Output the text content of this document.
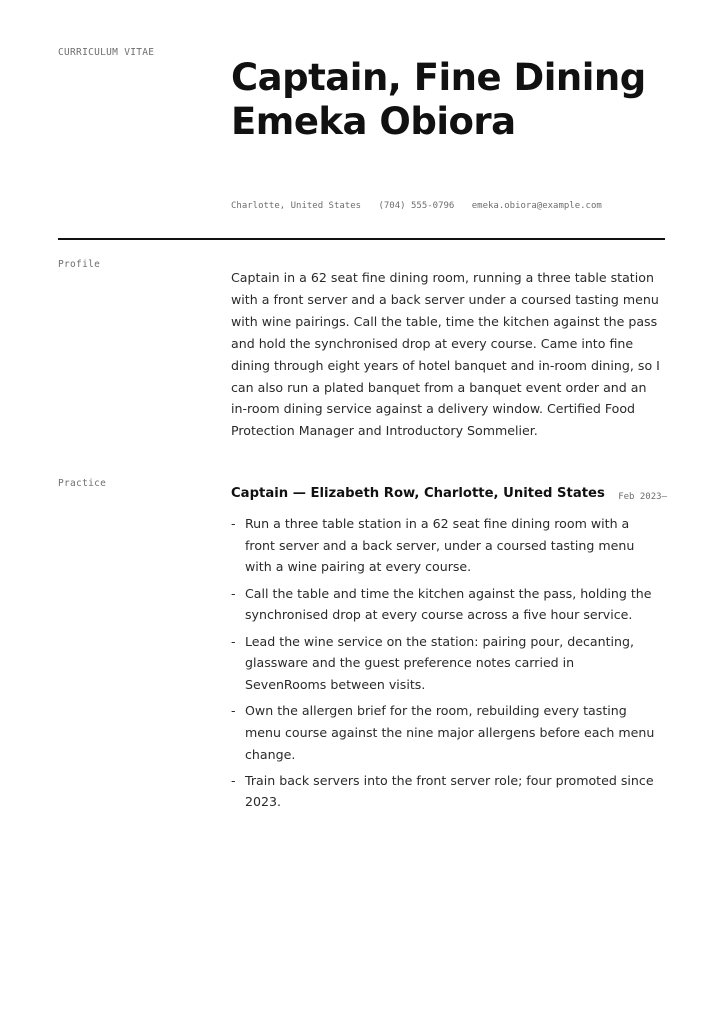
CURRICULUM VITAE
Captain, Fine Dining Emeka Obiora
Charlotte, United States (704) 555-0796 emeka.obiora@example.com
Profile

Captain in a 62 seat fine dining room, running a three table station with a front server and a back server under a coursed tasting menu with wine pairings. Call the table, time the kitchen against the pass and hold the synchronised drop at every course. Came into fine dining through eight years of hotel banquet and in-room dining, so I can also run a plated banquet from a banquet event order and an in-room dining service against a delivery window. Certified Food Protection Manager and Introductory Sommelier.

Practice
Captain — Elizabeth Row, Charlotte, United States Feb 2023–
- Run a three table station in a 62 seat fine dining room with a front server and a back server, under a coursed tasting menu with a wine pairing at every course.
- Call the table and time the kitchen against the pass, holding the synchronised drop at every course across a five hour service.
- Lead the wine service on the station: pairing pour, decanting, glassware and the guest preference notes carried in SevenRooms between visits.
- Own the allergen brief for the room, rebuilding every tasting menu course against the nine major allergens before each menu change.
- Train back servers into the front server role; four promoted since 2023.
